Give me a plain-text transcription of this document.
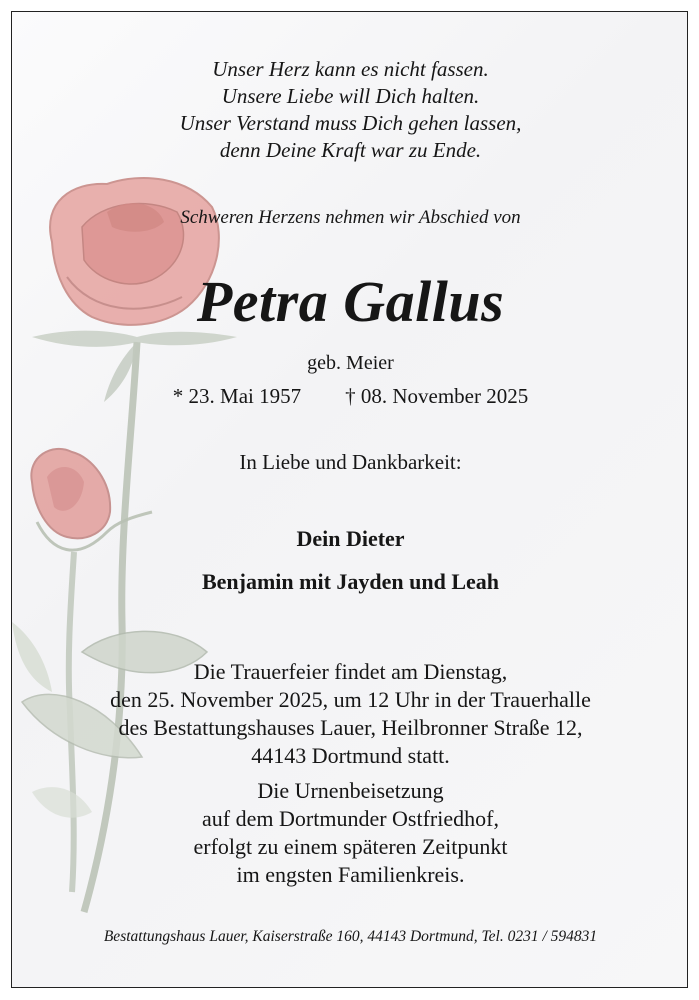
Unser Herz kann es nicht fassen.
Unsere Liebe will Dich halten.
Unser Verstand muss Dich gehen lassen,
denn Deine Kraft war zu Ende.
Schweren Herzens nehmen wir Abschied von
Petra Gallus
geb. Meier
* 23. Mai 1957 † 08. November 2025
In Liebe und Dankbarkeit:
Dein Dieter
Benjamin mit Jayden und Leah
Die Trauerfeier findet am Dienstag,
den 25. November 2025, um 12 Uhr in der Trauerhalle
des Bestattungshauses Lauer, Heilbronner Straße 12,
44143 Dortmund statt.
Die Urnenbeisetzung
auf dem Dortmunder Ostfriedhof,
erfolgt zu einem späteren Zeitpunkt
im engsten Familienkreis.
Bestattungshaus Lauer, Kaiserstraße 160, 44143 Dortmund, Tel. 0231 / 594831
